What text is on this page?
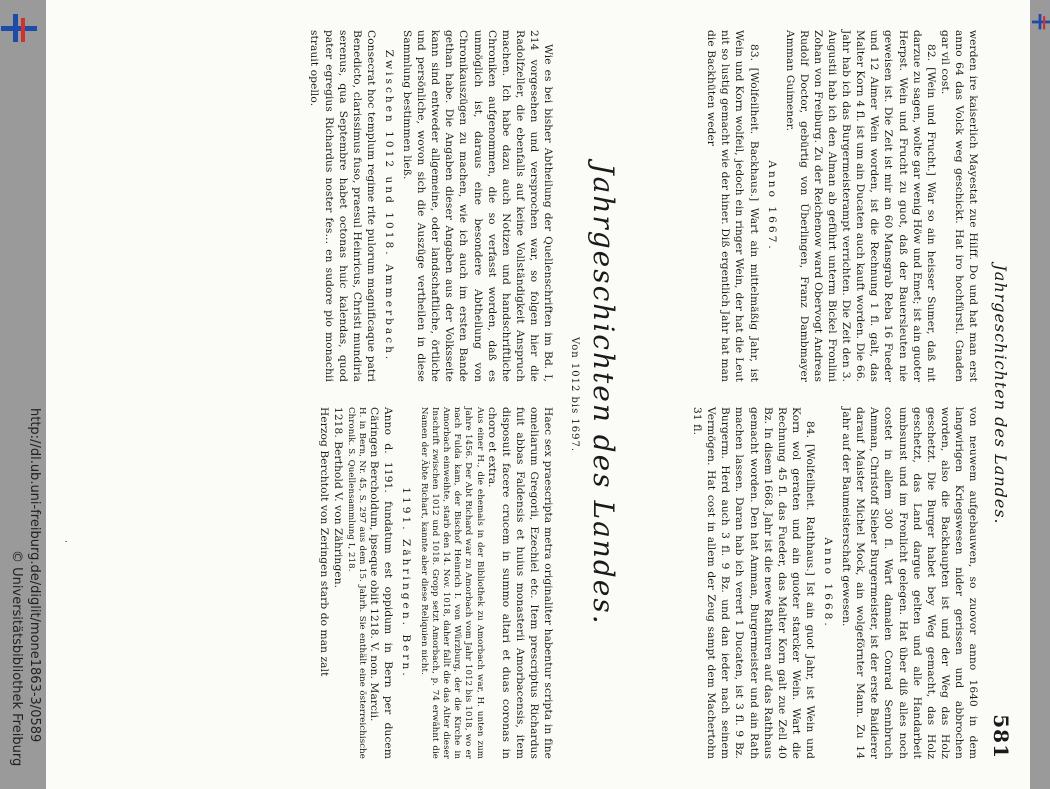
Jahrgeschichten des Landes.
581

werden ire kaiserlich Mayestat zue Hilff. Do und hat man erst anno 64 das Volck weg geschickt. Hat iro hochfürstl. Gnaden gar vil cost.

82. [Wein und Frucht.] War so ain heisser Sumer, daß nit darzue zu sagen, wolte gar wenig Höw und Emet; ist ain guoter Herpst. Wein und Frucht zu guot, daß der Bauersleuten nie geweisen ist. Die Zeit ist mir an 60 Mansgrab Reba 16 Fueder und 12 Aimer Wein worden, ist die Rechnung 1 fl. galt, das Malter Korn 4 fl. ist um ain Ducaten auch kauft worden. Die 66. Jahr hab ich das Burgermeisterampt verrichten. Die Zeit den 3. Augustii hab ich den Alman ab geführt unterm Bickel Fronlini Zohan von Freiburg. Zu der Reichenow ward Obervogt Andreas Rudolf Doctor, gebürtig von Überlingen, Franz Dambmayer Amman Guimener.

Anno 1667.

83. [Wolfeilheit. Backhaus.] Wart ain mittelmäßig Jahr, ist Wein und Korn wolfeil, jedoch ein ringer Wein, der hat die Leut nit so lustig gemacht wie der hiner. Diß ergentlich Jahr hat man die Backhüten weder

von neuwem aufgebauwen, so zuovor anno 1640 in dem langwirigen Kriegswesen nider gerissen und abbrochen worden, also die Backhaupten ist und der Weg das Holz geschetzt. Die Burger habet bey Weg gemacht, das Holz geschetzt, das Land dargue gelten und alle Handarbeit umbsunst und im Fronlicht gelegen. Hat über diß alles noch costet in allem 300 fl. Wart damalen Conrad Sennbruch Amman, Christoff Sieber Burgermeister, ist der erste Baidierer darauf Maister Michel Mock, ain wolgeförnter Mann. Zu 14 Jahr auf der Baumeisterschaft gewesen.

Anno 1668.

84. [Wolfeilheit. Rathhaus.] Ist ain guot Jahr, ist Wein und Korn wol geraten und ain guoter starcker Wein. Wart die Rechnung 45 fl. das Fueder, das Malter Korn galt zue Zell 40 Bz. In disem 1668. Jahr ist die newe Rathuren auf das Rathhaus gemacht worden. Den hat Amman, Burgermeister und ain Rath machen lassen. Daran hab ich verert 1 Ducaten, ist 3 fl. 9 Bz. Burgerm. Herd auch 3 fl. 9 Bz. und dan ieder nach seinem Vermögen. Hat cost in allem der Zeug sampt dem Machertohn 31 fl.

Jahrgeschichten des Landes.
Von 1012 bis 1697.

Wie es bei bisher Abtheilung der Quellenschriften im Bd. I, 214 vorgesehen und versprochen war, so folgen hier die Radolfzeller, die ebenfalls auf keine Vollständigkeit Anspruch machen. Ich habe dazu auch Notizen und handschriftliche Chroniken aufgenommen, die so verfasst worden, daß es unmöglich ist, daraus eine besondere Abtheilung von Chronikauszügen zu machen, wie ich auch im ersten Bande gethan habe. Die Angaben dieser Angaben aus der Volksseite kann sind entweder allgemeine, oder landschaftliche, örtliche und persönliche, wovon sich die Auszüge vertheilen in diese Sammlung bestimmen ließ.

Zwischen 1012 und 1018. Ammerbach.

Consecrat hoc templum regime rite pulorum magnificaque patri Benedicto, clarissimus fuso, praesul Heinricus, Christi mundiria serenus, qua Septembre habet octonas huic kalendas, quod pater egregius Richardus noster fes… en sudore pio monachii strauit opello.

Haec sex praescripta metra originaliter habentur scripta in fine omeliarum Gregorii, Ezechiel etc. Item prescriptus Richardus fuit abbas Faldensis et huius monasterii Amorbacensis, item disposuit facere crucem in summo altari et duas coronas in choro et extra.

Aus einer H., die ehemals in der Bibliothek zu Amorbach war, H. unten zum Jahre 1456. Der Abt Richard war zu Amorbach vom Jahr 1012 bis 1018, wo er nach Fulda kam, der Bischof Heinrich I. von Würzburg, der die Kirche in Amorbach einweihte, starb den 14. Nov. 1018, daher fallt die das Alter dieser Inschrift zwischen 1012 und 1018. Gropp setzt Amorbach, p. 74 erwähnt die Namen der Äbte Richart, kannte aber diese Reliquien nicht.

1191. Zähringen. Bern.

Anno d. 1191. fundatum est oppidum in Bern per ducem Cäringen Bercholdum, ipseque obiit 1218. V. non. Marcii.

H. in Bern, Nr. 45, S. 297 aus dem 15. Jahrh. Sie enthält eine österreichische Chronik. S. Quellensammlung I, 218.

1218. Berthold V. von Zähringen.

Herzog Berchtolt von Zeringen starb do man zalt

·
http://dl.ub.uni-freiburg.de/diglit/mone1863-3/0589
© Universitätsbibliothek Freiburg
